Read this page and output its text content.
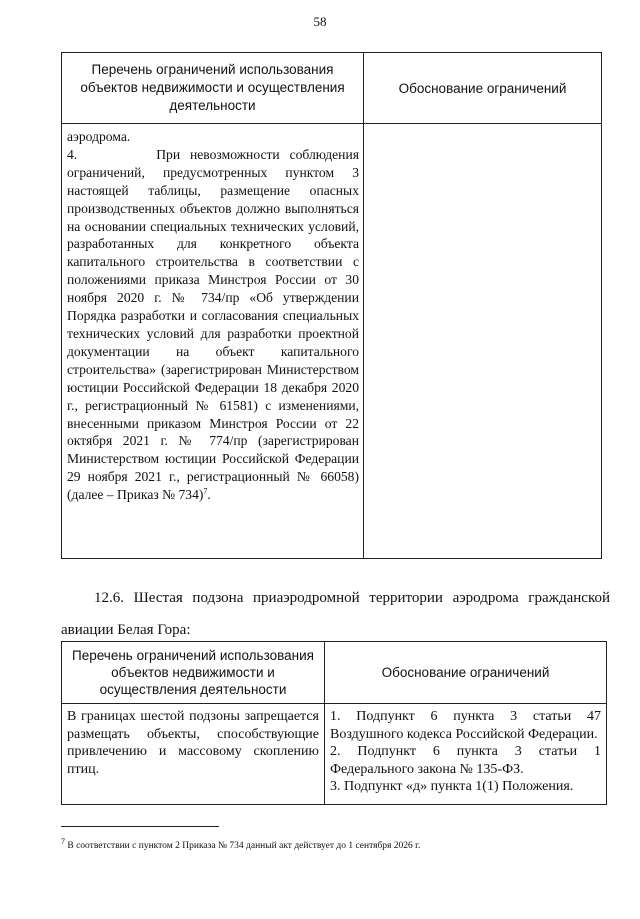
58
Перечень ограничений использования объектов недвижимости и осуществления деятельности	Обоснование ограничений

аэродрома.
4. При невозможности соблюдения ограничений, предусмотренных пунктом 3 настоящей таблицы, размещение опасных производственных объектов должно выполняться на основании специальных технических условий, разработанных для конкретного объекта капитального строительства в соответствии с положениями приказа Минстроя России от 30 ноября 2020 г. № 734/пр «Об утверждении Порядка разработки и согласования специальных технических условий для разработки проектной документации на объект капитального строительства» (зарегистрирован Министерством юстиции Российской Федерации 18 декабря 2020 г., регистрационный № 61581) с изменениями, внесенными приказом Минстроя России от 22 октября 2021 г. № 774/пр (зарегистрирован Министерством юстиции Российской Федерации 29 ноября 2021 г., регистрационный № 66058) (далее – Приказ № 734)$^7$.	

12.6. Шестая подзона приаэродромной территории аэродрома гражданской авиации Белая Гора:
Перечень ограничений использования объектов недвижимости и осуществления деятельности	Обоснование ограничений
В границах шестой подзоны запрещается размещать объекты, способствующие привлечению и массовому скоплению птиц.	1. Подпункт 6 пункта 3 статьи 47 Воздушного кодекса Российской Федерации.
2. Подпункт 6 пункта 3 статьи 1 Федерального закона № 135-ФЗ.
3. Подпункт «д» пункта 1(1) Положения.
$^7$ В соответствии с пунктом 2 Приказа № 734 данный акт действует до 1 сентября 2026 г.
